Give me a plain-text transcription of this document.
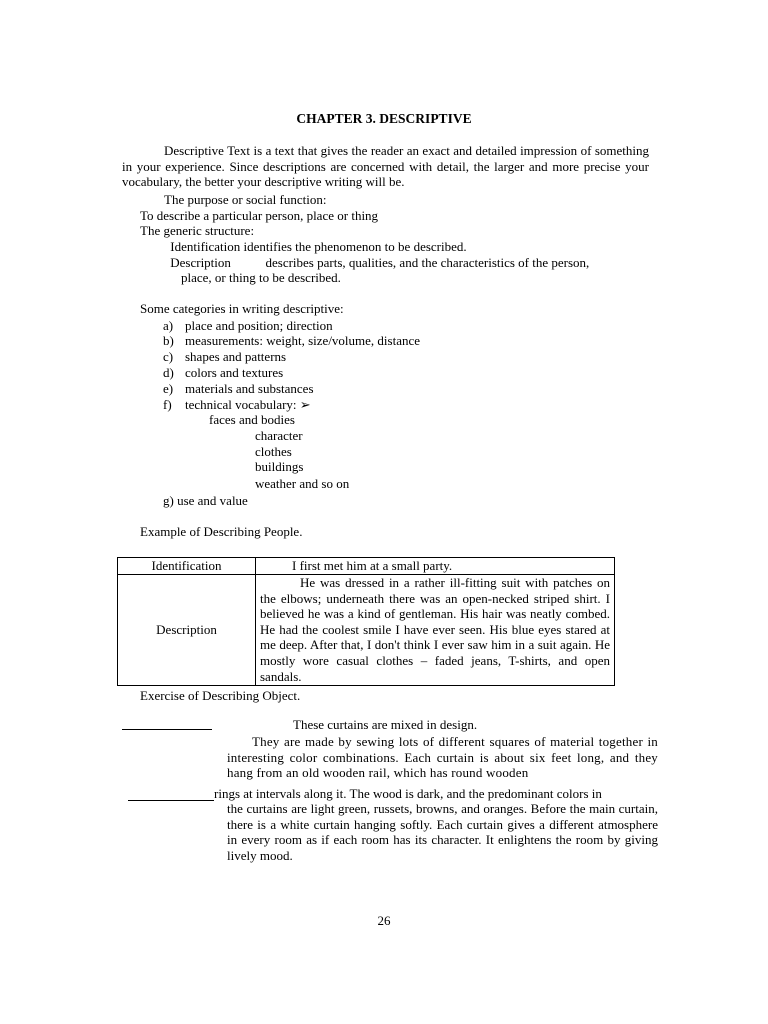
CHAPTER 3. DESCRIPTIVE

Descriptive Text is a text that gives the reader an exact and detailed impression of something in your experience. Since descriptions are concerned with detail, the larger and more precise your vocabulary, the better your descriptive writing will be.

The purpose or social function:
To describe a particular person, place or thing
The generic structure:
Identification identifies the phenomenon to be described.
Description	describes parts, qualities, and the characteristics of the person,
place, or thing to be described.
Some categories in writing descriptive:
a) place and position; direction
b) measurements: weight, size/volume, distance
c) shapes and patterns
d) colors and textures
e) materials and substances
f) technical vocabulary: ➢
faces and bodies
character
clothes
buildings
weather and so on
g) use and value
Example of Describing People.
Identification	I first met him at a small party.
Description	He was dressed in a rather ill-fitting suit with patches on the elbows; underneath there was an open-necked striped shirt. I believed he was a kind of gentleman. His hair was neatly combed. He had the coolest smile I have ever seen. His blue eyes stared at me deep. After that, I don't think I ever saw him in a suit again. He mostly wore casual clothes – faded jeans, T-shirts, and open sandals.
Exercise of Describing Object.
These curtains are mixed in design.
They are made by sewing lots of different squares of material together in interesting color combinations. Each curtain is about six feet long, and they hang from an old wooden rail, which has round wooden
rings at intervals along it. The wood is dark, and the predominant colors in
the curtains are light green, russets, browns, and oranges. Before the main curtain, there is a white curtain hanging softly. Each curtain gives a different atmosphere in every room as if each room has its character. It enlightens the room by giving lively mood.
26
